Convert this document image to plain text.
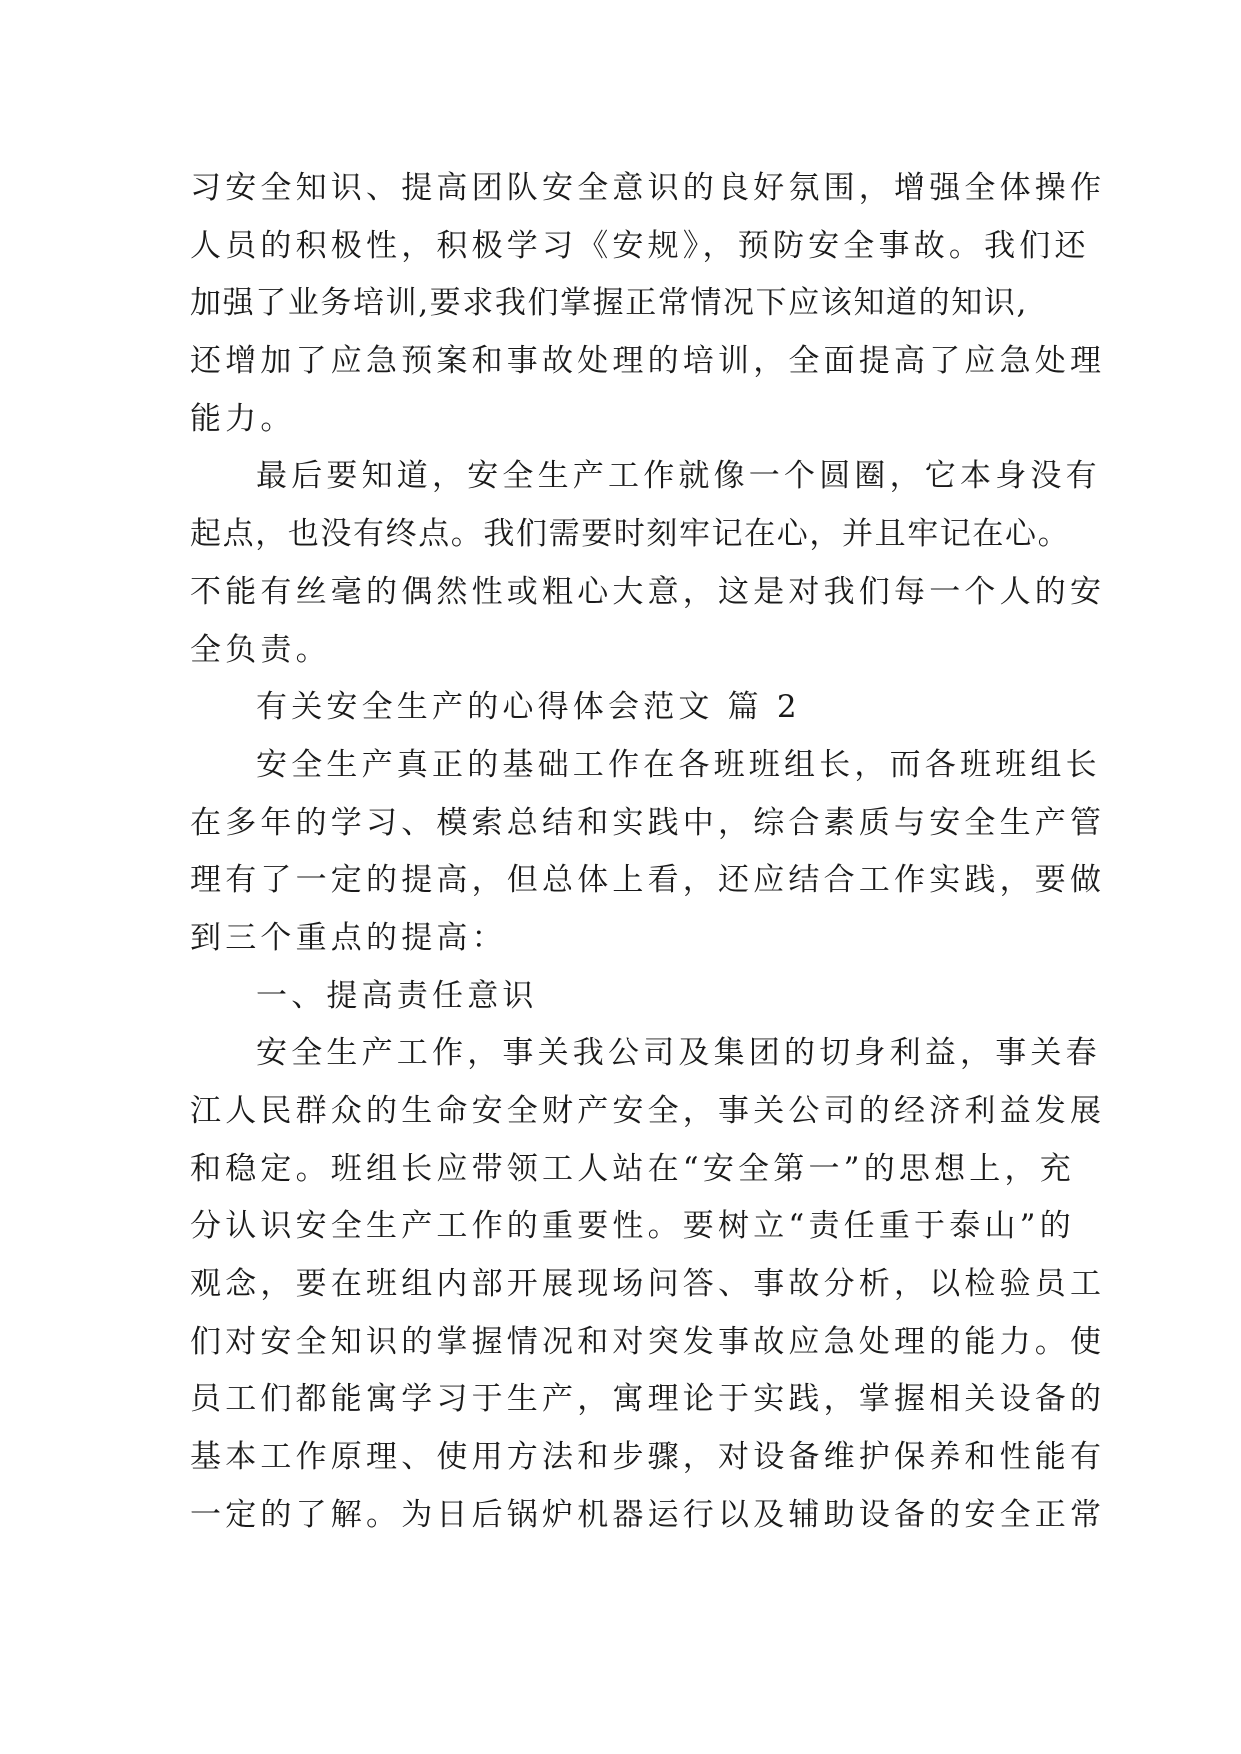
习安全知识、提高团队安全意识的良好氛围，增强全体操作
人员的积极性，积极学习《安规》，预防安全事故。我们还
加强了业务培训,要求我们掌握正常情况下应该知道的知识,
还增加了应急预案和事故处理的培训，全面提高了应急处理
能力。
最后要知道，安全生产工作就像一个圆圈，它本身没有
起点，也没有终点。我们需要时刻牢记在心，并且牢记在心。
不能有丝毫的偶然性或粗心大意，这是对我们每一个人的安
全负责。
有关安全生产的心得体会范文 篇 2
安全生产真正的基础工作在各班班组长，而各班班组长
在多年的学习、模索总结和实践中，综合素质与安全生产管
理有了一定的提高，但总体上看，还应结合工作实践，要做
到三个重点的提高：
一、提高责任意识
安全生产工作，事关我公司及集团的切身利益，事关春
江人民群众的生命安全财产安全，事关公司的经济利益发展
和稳定。班组长应带领工人站在“安全第一”的思想上，充
分认识安全生产工作的重要性。要树立“责任重于泰山”的
观念，要在班组内部开展现场问答、事故分析，以检验员工
们对安全知识的掌握情况和对突发事故应急处理的能力。使
员工们都能寓学习于生产，寓理论于实践，掌握相关设备的
基本工作原理、使用方法和步骤，对设备维护保养和性能有
一定的了解。为日后锅炉机器运行以及辅助设备的安全正常
